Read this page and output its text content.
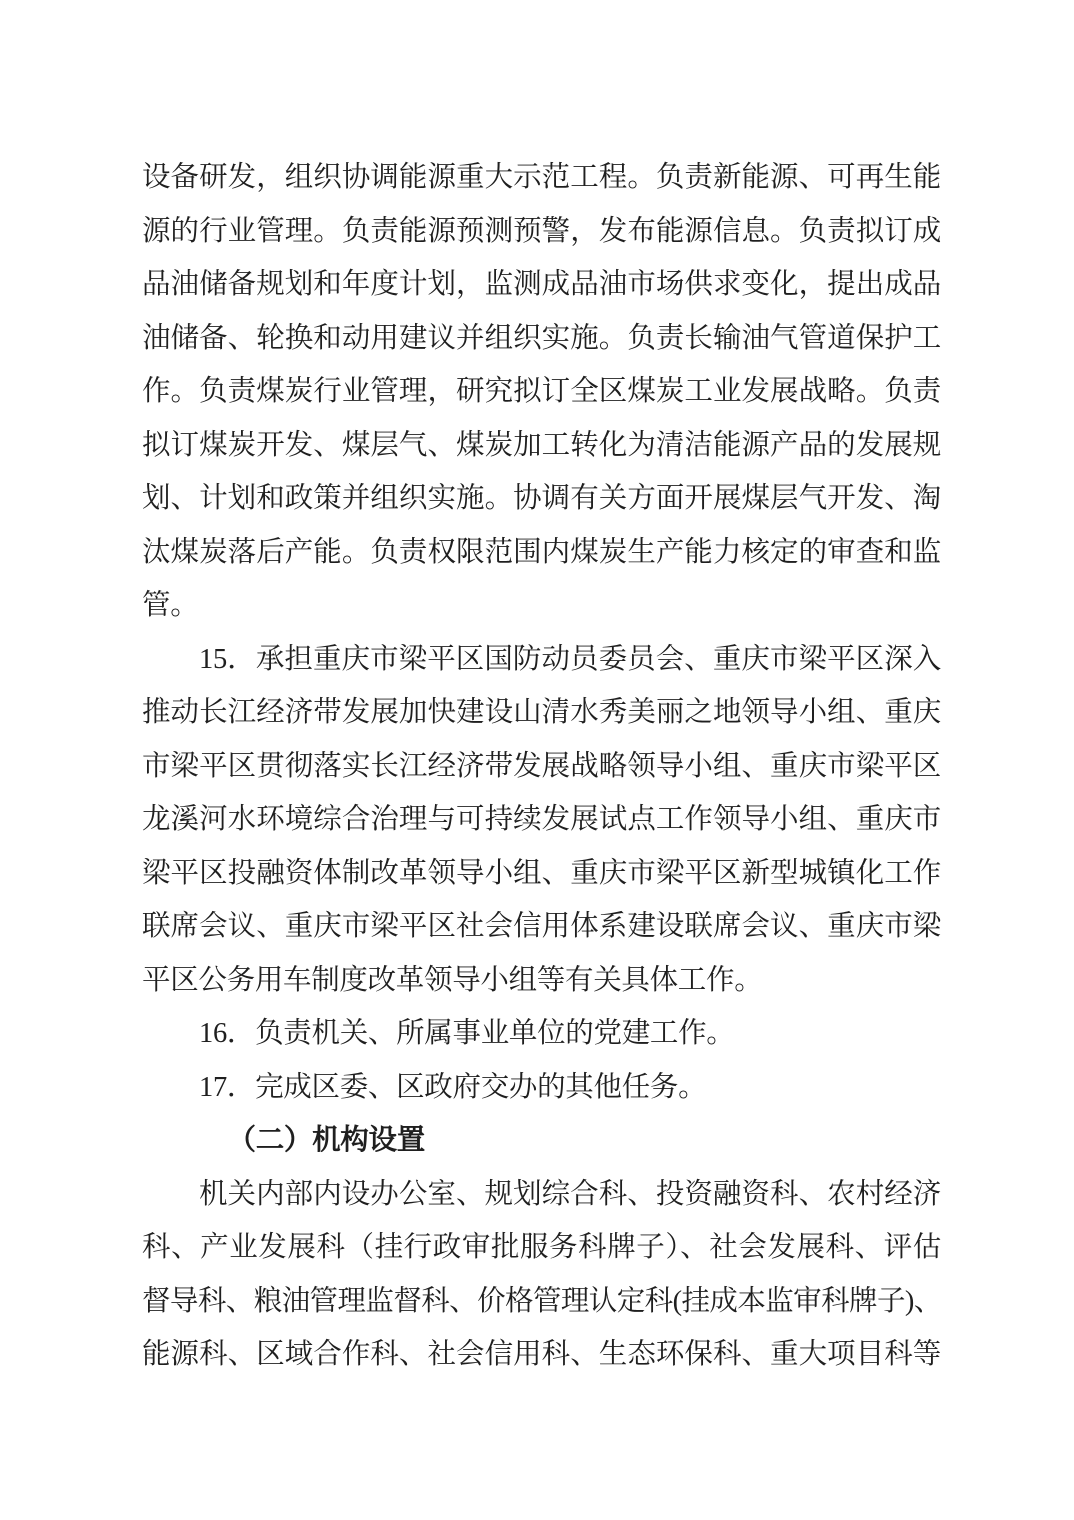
设备研发，组织协调能源重大示范工程。负责新能源、可再生能
源的行业管理。负责能源预测预警，发布能源信息。负责拟订成
品油储备规划和年度计划，监测成品油市场供求变化，提出成品
油储备、轮换和动用建议并组织实施。负责长输油气管道保护工
作。负责煤炭行业管理，研究拟订全区煤炭工业发展战略。负责
拟订煤炭开发、煤层气、煤炭加工转化为清洁能源产品的发展规
划、计划和政策并组织实施。协调有关方面开展煤层气开发、淘
汰煤炭落后产能。负责权限范围内煤炭生产能力核定的审查和监
管。
15．承担重庆市梁平区国防动员委员会、重庆市梁平区深入
推动长江经济带发展加快建设山清水秀美丽之地领导小组、重庆
市梁平区贯彻落实长江经济带发展战略领导小组、重庆市梁平区
龙溪河水环境综合治理与可持续发展试点工作领导小组、重庆市
梁平区投融资体制改革领导小组、重庆市梁平区新型城镇化工作
联席会议、重庆市梁平区社会信用体系建设联席会议、重庆市梁
平区公务用车制度改革领导小组等有关具体工作。
16．负责机关、所属事业单位的党建工作。
17．完成区委、区政府交办的其他任务。
（二）机构设置
机关内部内设办公室、规划综合科、投资融资科、农村经济
科、产业发展科（挂行政审批服务科牌子）、社会发展科、评估
督导科、粮油管理监督科、价格管理认定科(挂成本监审科牌子)、
能源科、区域合作科、社会信用科、生态环保科、重大项目科等
